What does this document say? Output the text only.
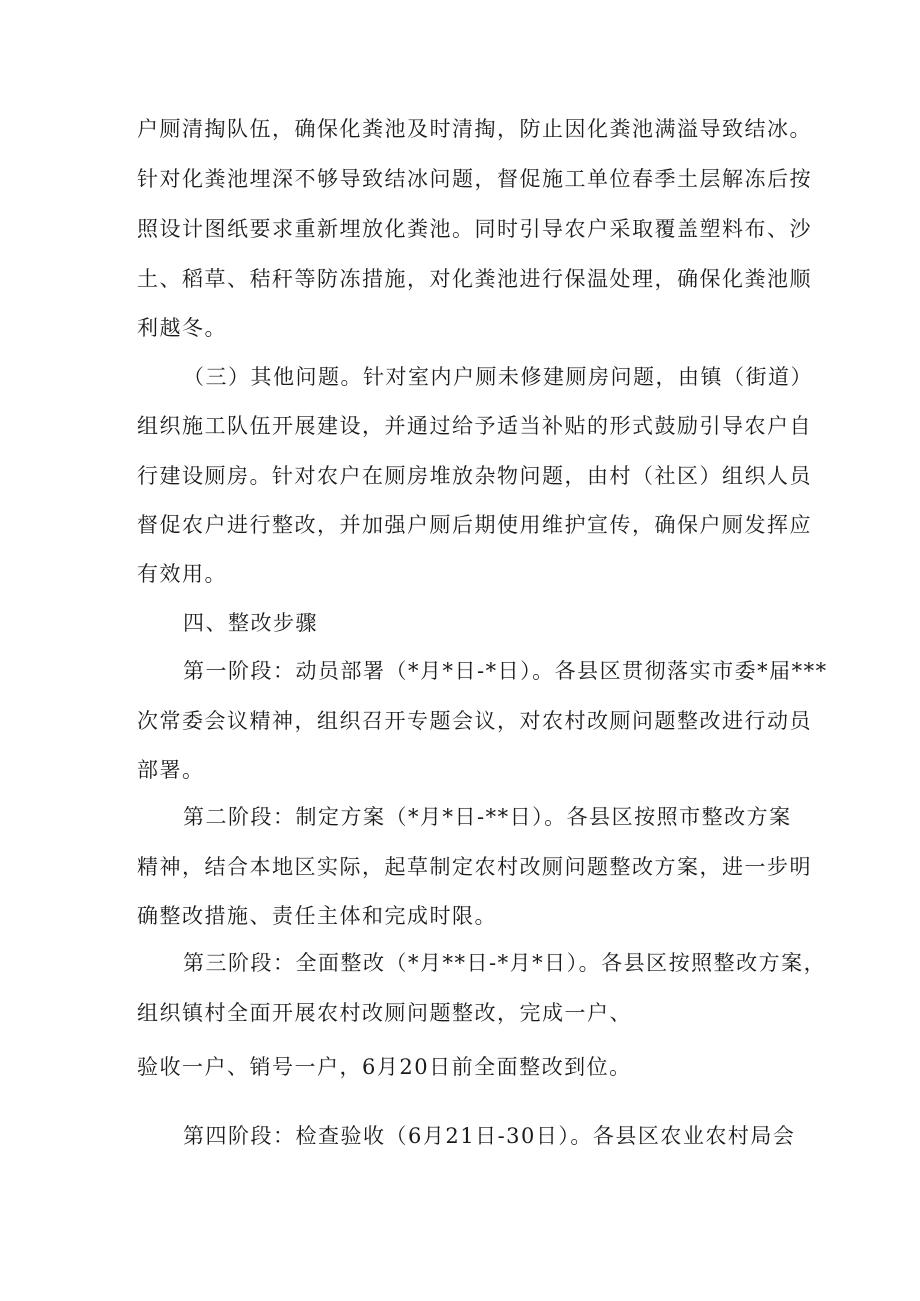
户厕清掏队伍，确保化粪池及时清掏，防止因化粪池满溢导致结冰。
针对化粪池埋深不够导致结冰问题，督促施工单位春季土层解冻后按
照设计图纸要求重新埋放化粪池。同时引导农户采取覆盖塑料布、沙
土、稻草、秸秆等防冻措施，对化粪池进行保温处理，确保化粪池顺
利越冬。
（三）其他问题。针对室内户厕未修建厕房问题，由镇（街道）
组织施工队伍开展建设，并通过给予适当补贴的形式鼓励引导农户自
行建设厕房。针对农户在厕房堆放杂物问题，由村（社区）组织人员
督促农户进行整改，并加强户厕后期使用维护宣传，确保户厕发挥应
有效用。
四、整改步骤
第一阶段：动员部署（*月*日-*日）。各县区贯彻落实市委*届***
次常委会议精神，组织召开专题会议，对农村改厕问题整改进行动员
部署。
第二阶段：制定方案（*月*日-**日）。各县区按照市整改方案
精神，结合本地区实际，起草制定农村改厕问题整改方案，进一步明
确整改措施、责任主体和完成时限。
第三阶段：全面整改（*月**日-*月*日）。各县区按照整改方案，
组织镇村全面开展农村改厕问题整改，完成一户、
验收一户、销号一户，6月20日前全面整改到位。
第四阶段：检查验收（6月21日-30日）。各县区农业农村局会
